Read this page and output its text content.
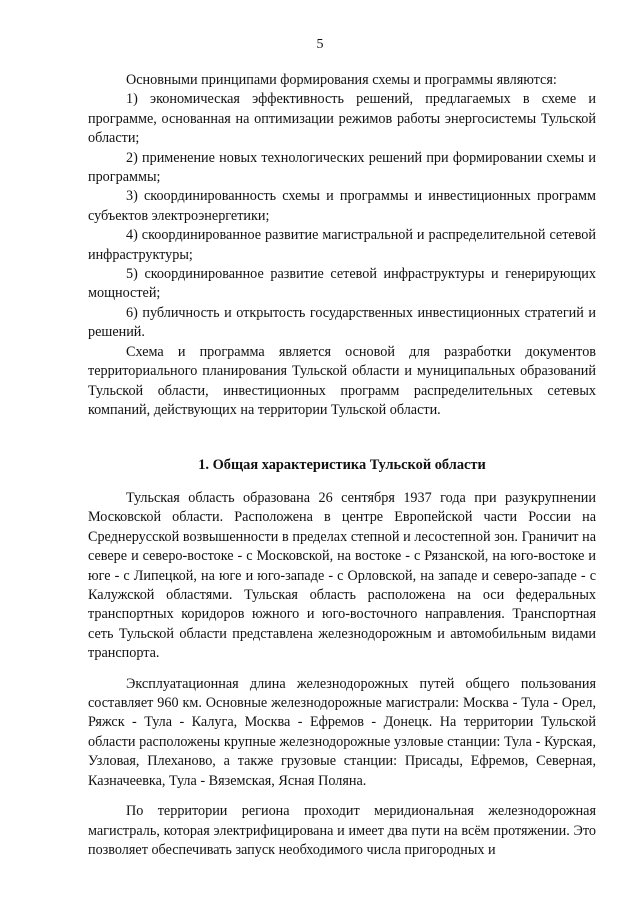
5

Основными принципами формирования схемы и программы являются:

1) экономическая эффективность решений, предлагаемых в схеме и программе, основанная на оптимизации режимов работы энергосистемы Тульской области;

2) применение новых технологических решений при формировании схемы и программы;

3) скоординированность схемы и программы и инвестиционных программ субъектов электроэнергетики;

4) скоординированное развитие магистральной и распределительной сетевой инфраструктуры;

5) скоординированное развитие сетевой инфраструктуры и генерирующих мощностей;

6) публичность и открытость государственных инвестиционных стратегий и решений.

Схема и программа является основой для разработки документов территориального планирования Тульской области и муниципальных образований Тульской области, инвестиционных программ распределительных сетевых компаний, действующих на территории Тульской области.

1. Общая характеристика Тульской области

Тульская область образована 26 сентября 1937 года при разукрупнении Московской области. Расположена в центре Европейской части России на Среднерусской возвышенности в пределах степной и лесостепной зон. Граничит на севере и северо-востоке - с Московской, на востоке - с Рязанской, на юго-востоке и юге - с Липецкой, на юге и юго-западе - с Орловской, на западе и северо-западе - с Калужской областями. Тульская область расположена на оси федеральных транспортных коридоров южного и юго-восточного направления. Транспортная сеть Тульской области представлена железнодорожным и автомобильным видами транспорта.

Эксплуатационная длина железнодорожных путей общего пользования составляет 960 км. Основные железнодорожные магистрали: Москва - Тула - Орел, Ряжск - Тула - Калуга, Москва - Ефремов - Донецк. На территории Тульской области расположены крупные железнодорожные узловые станции: Тула - Курская, Узловая, Плеханово, а также грузовые станции: Присады, Ефремов, Северная, Казначеевка, Тула - Вяземская, Ясная Поляна.

По территории региона проходит меридиональная железнодорожная магистраль, которая электрифицирована и имеет два пути на всём протяжении. Это позволяет обеспечивать запуск необходимого числа пригородных и
